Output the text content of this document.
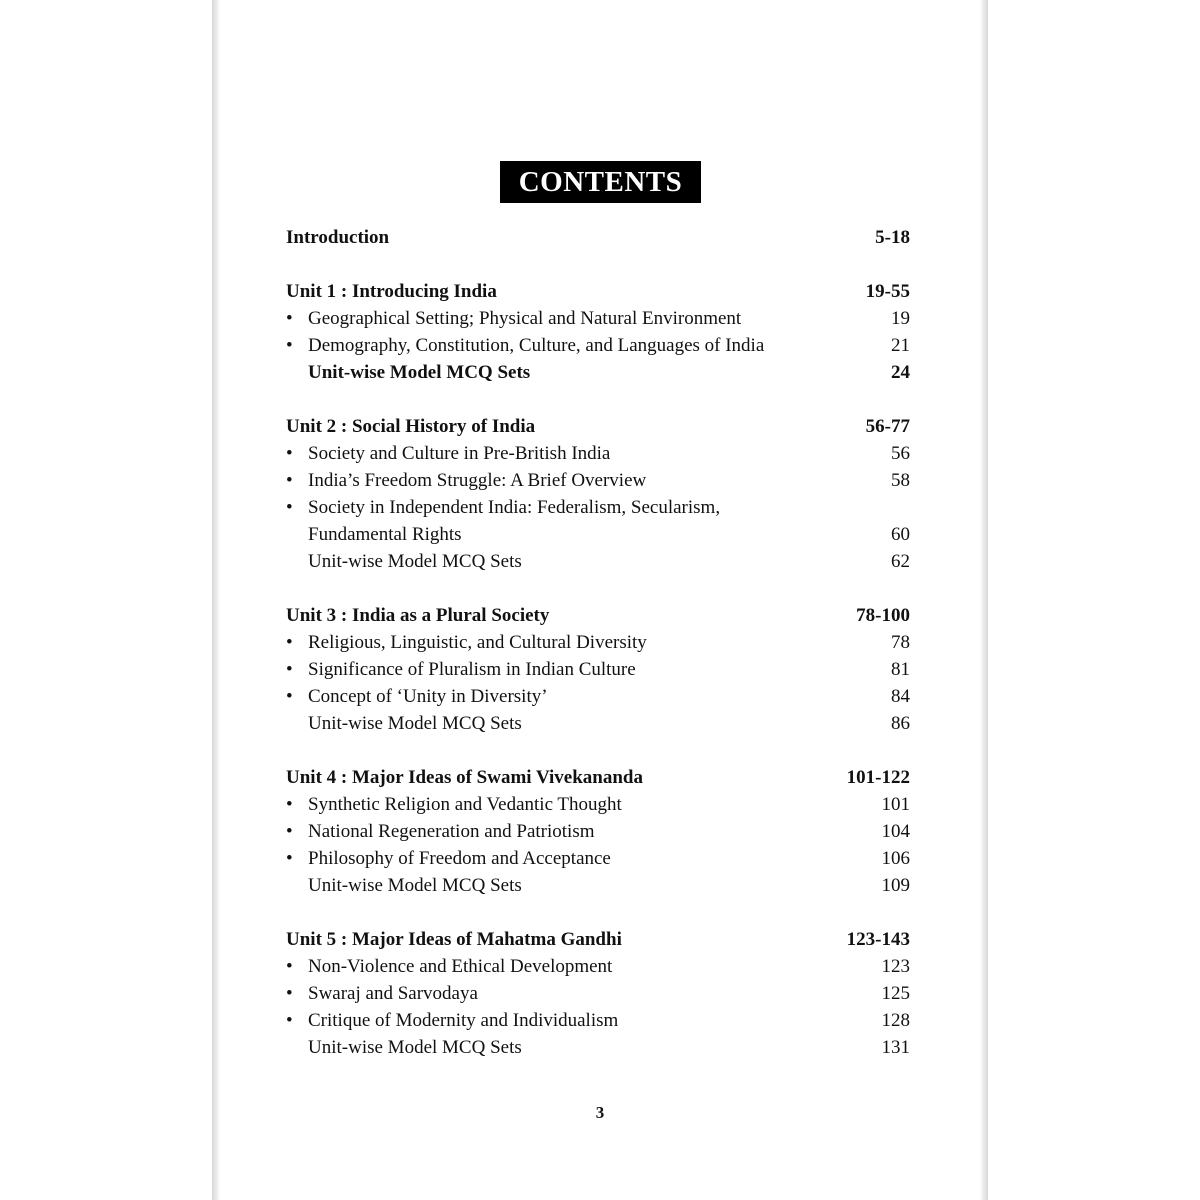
CONTENTS
Introduction	5-18
Unit 1 : Introducing India	19-55
•
Geographical Setting; Physical and Natural Environment	19
•
Demography, Constitution, Culture, and Languages of India	21
Unit-wise Model MCQ Sets	24
Unit 2 : Social History of India	56-77
•
Society and Culture in Pre-British India	56
•
India’s Freedom Struggle: A Brief Overview	58
•
Society in Independent India: Federalism, Secularism,
Fundamental Rights	60
Unit-wise Model MCQ Sets	62
Unit 3 : India as a Plural Society	78-100
•
Religious, Linguistic, and Cultural Diversity	78
•
Significance of Pluralism in Indian Culture	81
•
Concept of ‘Unity in Diversity’	84
Unit-wise Model MCQ Sets	86
Unit 4 : Major Ideas of Swami Vivekananda	101-122
•
Synthetic Religion and Vedantic Thought	101
•
National Regeneration and Patriotism	104
•
Philosophy of Freedom and Acceptance	106
Unit-wise Model MCQ Sets	109
Unit 5 : Major Ideas of Mahatma Gandhi	123-143
•
Non-Violence and Ethical Development	123
•
Swaraj and Sarvodaya	125
•
Critique of Modernity and Individualism	128
Unit-wise Model MCQ Sets	131
3
